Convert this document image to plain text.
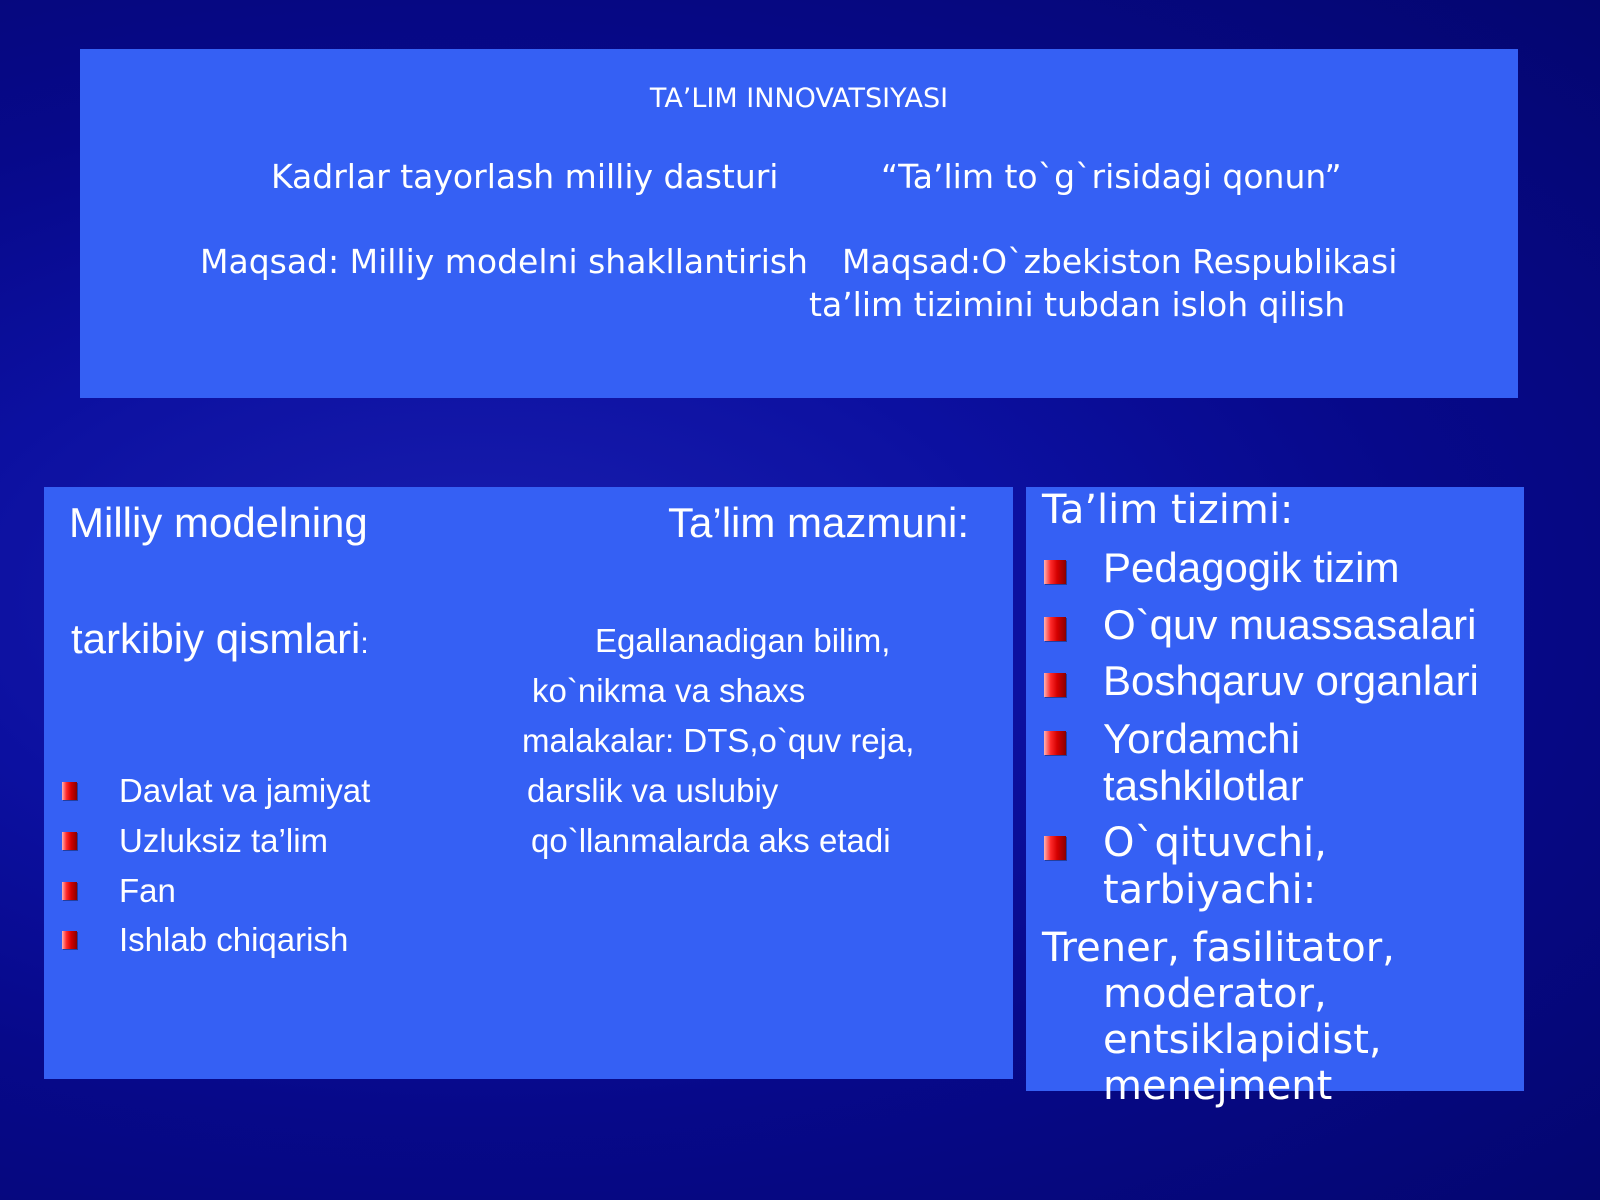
TA’LIM INNOVATSIYASI
Kadrlar tayorlash milliy dasturi	“Ta’lim to`g`risidagi qonun”
Maqsad: Milliy modelni shakllantirish Maqsad:O`zbekiston Respublikasi
ta’lim tizimini tubdan isloh qilish
Milliy modelning	Ta’lim mazmuni:
tarkibiy qismlari:	Egallanadigan bilim,
ko`nikma va shaxs
malakalar: DTS,o`quv reja,
darslik va uslubiy
qo`llanmalarda aks etadi
Davlat va jamiyat
Uzluksiz ta’lim
Fan
Ishlab chiqarish
Ta’lim tizimi:
Pedagogik tizim
O`quv muassasalari
Boshqaruv organlari
Yordamchi
tashkilotlar
O`qituvchi,
tarbiyachi:
Trener, fasilitator,
moderator,
entsiklapidist,
menejment
